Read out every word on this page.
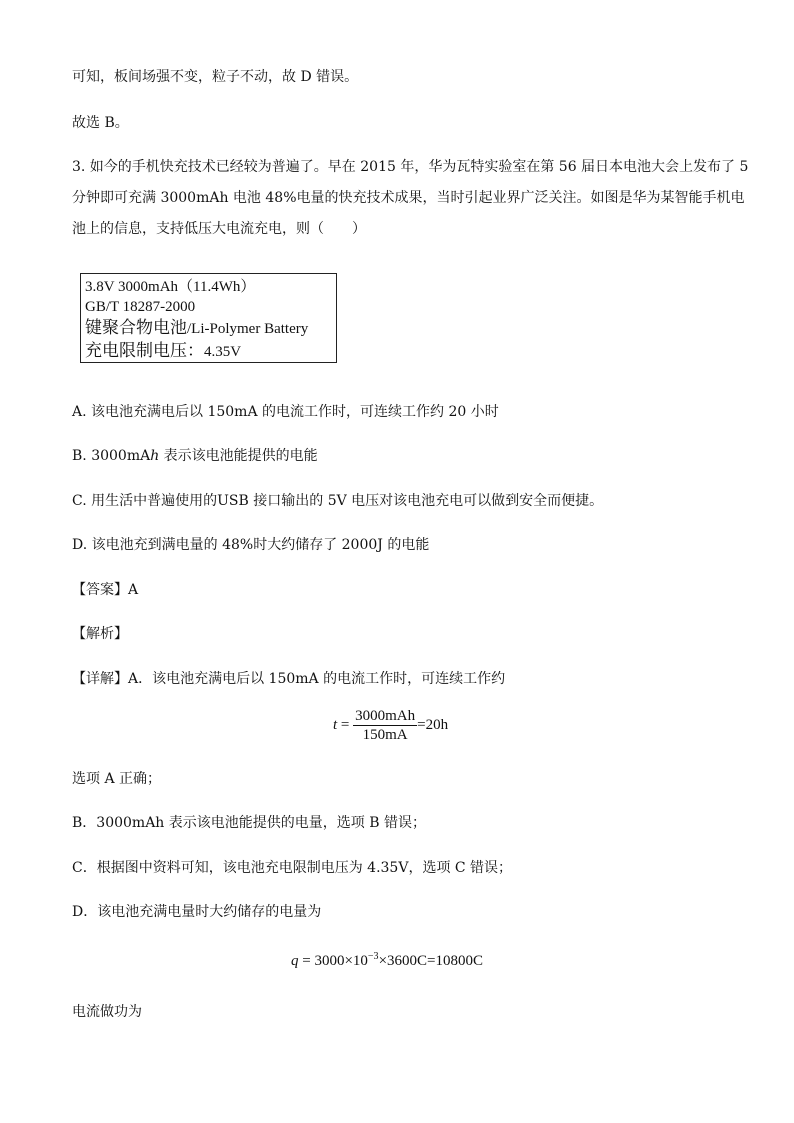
可知，板间场强不变，粒子不动，故 D 错误。
故选 B。
3. 如今的手机快充技术已经较为普遍了。早在 2015 年，华为瓦特实验室在第 56 届日本电池大会上发布了 5
分钟即可充满 3000mAh 电池 48%电量的快充技术成果，当时引起业界广泛关注。如图是华为某智能手机电
池上的信息，支持低压大电流充电，则（　　）
3.8V 3000mAh（11.4Wh）
GB/T 18287-2000
键聚合物电池/Li-Polymer Battery
充电限制电压：4.35V
A. 该电池充满电后以 150mA 的电流工作时，可连续工作约 20 小时
B. 3000mAh 表示该电池能提供的电能
C. 用生活中普遍使用的USB 接口输出的 5V 电压对该电池充电可以做到安全而便捷。
D. 该电池充到满电量的 48%时大约储存了 2000J 的电能
【答案】A
【解析】
【详解】A．该电池充满电后以 150mA 的电流工作时，可连续工作约
$t = \frac{\text{3000mAh}}{150mA} =20h$
选项 A 正确；
B．3000mAh 表示该电池能提供的电量，选项 B 错误；
C．根据图中资料可知，该电池充电限制电压为 4.35V，选项 C 错误；
D．该电池充满电量时大约储存的电量为
$q = 3000\times 10^{-3}\times 3600C=10800C$
电流做功为
